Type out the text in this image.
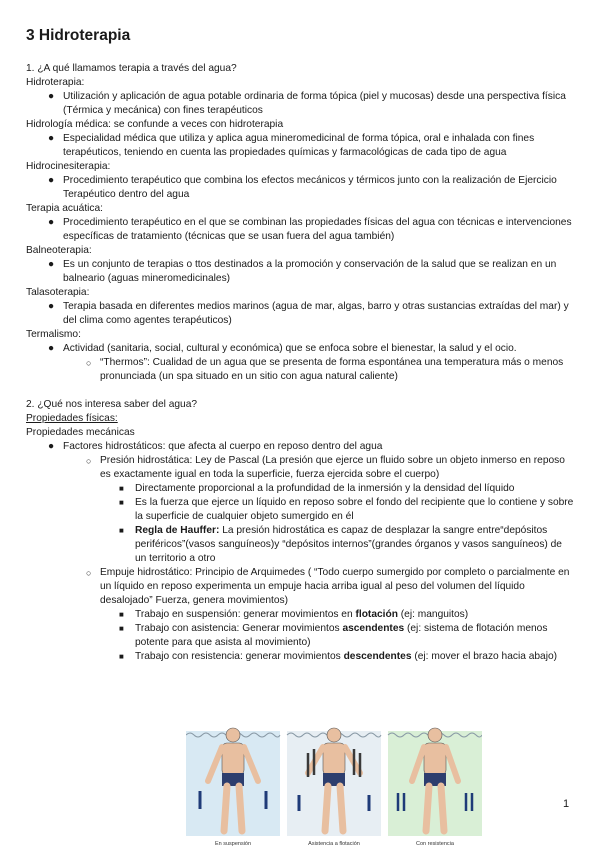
3 Hidroterapia

1. ¿A qué llamamos terapia a través del agua?

Hidroterapia:

● Utilización y aplicación de agua potable ordinaria de forma tópica (piel y mucosas) desde una perspectiva física (Térmica y mecánica) con fines terapéuticos

Hidrología médica: se confunde a veces con hidroterapia

● Especialidad médica que utiliza y aplica agua mineromedicinal de forma tópica, oral e inhalada con fines terapéuticos, teniendo en cuenta las propiedades químicas y farmacológicas de cada tipo de agua

Hidrocinesiterapia:

● Procedimiento terapéutico que combina los efectos mecánicos y térmicos junto con la realización de Ejercicio Terapéutico dentro del agua

Terapia acuática:

● Procedimiento terapéutico en el que se combinan las propiedades físicas del agua con técnicas e intervenciones específicas de tratamiento (técnicas que se usan fuera del agua también)

Balneoterapia:

● Es un conjunto de terapias o ttos destinados a la promoción y conservación de la salud que se realizan en un balneario (aguas mineromedicinales)

Talasoterapia:

● Terapia basada en diferentes medios marinos (agua de mar, algas, barro y otras sustancias extraídas del mar) y del clima como agentes terapéuticos)

Termalismo:

● Actividad (sanitaria, social, cultural y económica) que se enfoca sobre el bienestar, la salud y el ocio.
○ “Thermos”: Cualidad de un agua que se presenta de forma espontánea una temperatura más o menos pronunciada (un spa situado en un sitio con agua natural caliente)

2. ¿Qué nos interesa saber del agua?

Propiedades físicas:

Propiedades mecánicas

● Factores hidrostáticos: que afecta al cuerpo en reposo dentro del agua
○ Presión hidrostática: Ley de Pascal (La presión que ejerce un fluido sobre un objeto inmerso en reposo es exactamente igual en toda la superficie, fuerza ejercida sobre el cuerpo)
■ Directamente proporcional a la profundidad de la inmersión y la densidad del líquido
■ Es la fuerza que ejerce un líquido en reposo sobre el fondo del recipiente que lo contiene y sobre la superficie de cualquier objeto sumergido en él
■ Regla de Hauffer: La presión hidrostática es capaz de desplazar la sangre entre“depósitos periféricos”(vasos sanguíneos)y “depósitos internos”(grandes órganos y vasos sanguíneos) de un territorio a otro
○ Empuje hidrostático: Principio de Arquimedes ( “Todo cuerpo sumergido por completo o parcialmente en un líquido en reposo experimenta un empuje hacia arriba igual al peso del volumen del líquido desalojado” Fuerza, genera movimientos)
■ Trabajo en suspensión: generar movimientos en flotación (ej: manguitos)
■ Trabajo con asistencia: Generar movimientos ascendentes (ej: sistema de flotación menos potente para que asista al movimiento)
■ Trabajo con resistencia: generar movimientos descendentes (ej: mover el brazo hacia abajo)
En suspensión	Asistencia a flotación	Con resistencia
1
